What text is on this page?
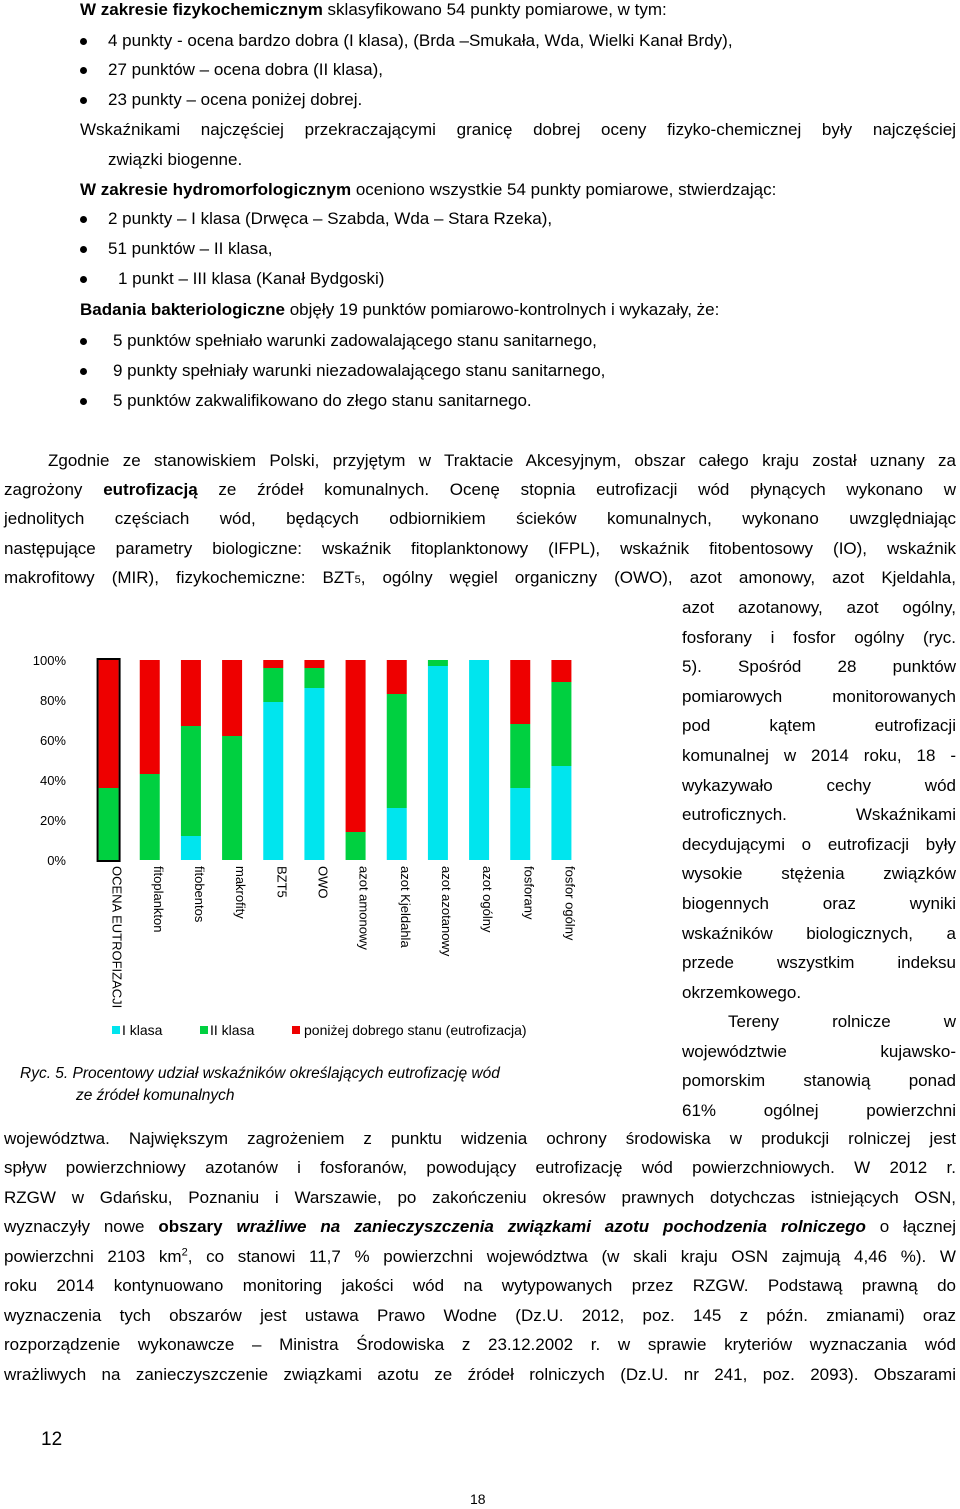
W zakresie fizykochemicznym sklasyfikowano 54 punkty pomiarowe, w tym:
4 punkty - ocena bardzo dobra (I klasa), (Brda –Smukała, Wda, Wielki Kanał Brdy),
27 punktów – ocena dobra (II klasa),
23 punkty – ocena poniżej dobrej.
Wskaźnikami najczęściej przekraczającymi granicę dobrej oceny fizyko-chemicznej były najczęściej
związki biogenne.
W zakresie hydromorfologicznym oceniono wszystkie 54 punkty pomiarowe, stwierdzając:
2 punkty – I klasa (Drwęca – Szabda, Wda – Stara Rzeka),
51 punktów – II klasa,
1 punkt – III klasa (Kanał Bydgoski)
Badania bakteriologiczne objęły 19 punktów pomiarowo-kontrolnych i wykazały, że:
5 punktów spełniało warunki zadowalającego stanu sanitarnego,
9 punkty spełniały warunki niezadowalającego stanu sanitarnego,
5 punktów zakwalifikowano do złego stanu sanitarnego.
Zgodnie ze stanowiskiem Polski, przyjętym w Traktacie Akcesyjnym, obszar całego kraju został uznany za
zagrożony eutrofizacją ze źródeł komunalnych. Ocenę stopnia eutrofizacji wód płynących wykonano w
jednolitych częściach wód, będących odbiornikiem ścieków komunalnych, wykonano uwzględniając
następujące parametry biologiczne: wskaźnik fitoplanktonowy (IFPL), wskaźnik fitobentosowy (IO), wskaźnik
makrofitowy (MIR), fizykochemiczne: BZT5, ogólny węgiel organiczny (OWO), azot amonowy, azot Kjeldahla,
azot azotanowy, azot ogólny,
fosforany i fosfor ogólny (ryc.
5). Spośród 28 punktów
pomiarowych monitorowanych
pod kątem eutrofizacji
komunalnej w 2014 roku, 18 -
wykazywało cechy wód
eutroficznych. Wskaźnikami
decydującymi o eutrofizacji były
wysokie stężenia związków
biogennych oraz wyniki
wskaźników biologicznych, a
przede wszystkim indeksu
okrzemkowego.
Tereny rolnicze w
województwie kujawsko-
pomorskim stanowią ponad
61% ogólnej powierzchni
0%
20%
40%
60%
80%
100%
OCENA EUTROFIZACJI fitoplankton fitobentos makrofity BZT5 OWO azot amonowy azot Kjeldahla azot azotanowy azot ogólny fosforany fosfor ogólny
I klasa	II klasa	poniżej dobrego stanu (eutrofizacja)
Ryc. 5. Procentowy udział wskaźników określających eutrofizację wód
ze źródeł komunalnych
województwa. Największym zagrożeniem z punktu widzenia ochrony środowiska w produkcji rolniczej jest
spływ powierzchniowy azotanów i fosforanów, powodujący eutrofizację wód powierzchniowych. W 2012 r.
RZGW w Gdańsku, Poznaniu i Warszawie, po zakończeniu okresów prawnych dotychczas istniejących OSN,
wyznaczyły nowe obszary wrażliwe na zanieczyszczenia związkami azotu pochodzenia rolniczego o łącznej
powierzchni 2103 $km^2$, co stanowi 11,7 % powierzchni województwa (w skali kraju OSN zajmują 4,46 %). W
roku 2014 kontynuowano monitoring jakości wód na wytypowanych przez RZGW. Podstawą prawną do
wyznaczenia tych obszarów jest ustawa Prawo Wodne (Dz.U. 2012, poz. 145 z późn. zmianami) oraz
rozporządzenie wykonawcze – Ministra Środowiska z 23.12.2002 r. w sprawie kryteriów wyznaczania wód
wrażliwych na zanieczyszczenie związkami azotu ze źródeł rolniczych (Dz.U. nr 241, poz. 2093). Obszarami
12
18
